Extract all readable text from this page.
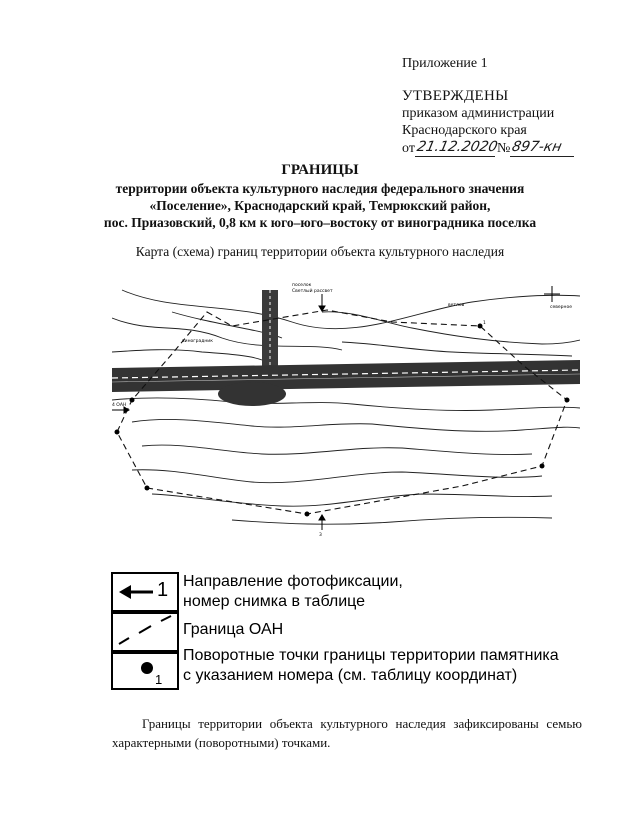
Приложение 1
УТВЕРЖДЕНЫ
приказом администрации
Краснодарского края
от 21.12.2020
№ 897-кн
ГРАНИЦЫ
территории объекта культурного наследия федерального значения
«Поселение», Краснодарский край, Темрюкский район,
пос. Приазовский, 0,8 км к юго–юго–востоку от виноградника поселка
Карта (схема) границ территории объекта культурного наследия
виноградник
поселок
Светлый рассвет
ветлов	северное
1
3
4 ОАН
1 Направление фотофиксации,
номер снимка в таблице
Граница ОАН
1
Поворотные точки границы территории памятника
с указанием номера (см. таблицу координат)
Границы территории объекта культурного наследия зафиксированы семью характерными (поворотными) точками.
